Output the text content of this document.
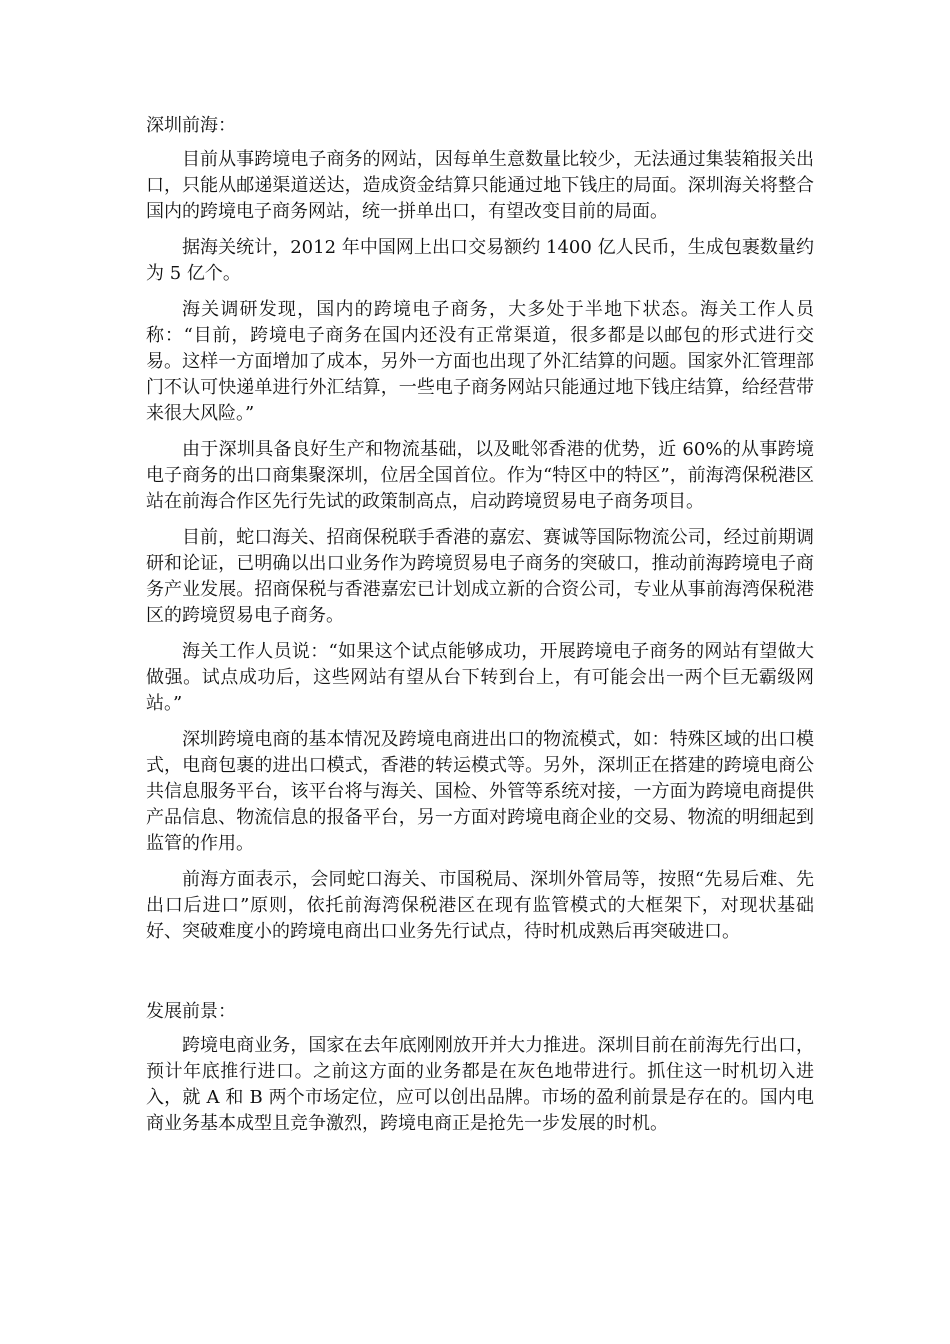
深圳前海：

目前从事跨境电子商务的网站，因每单生意数量比较少，无法通过集装箱报关出口，只能从邮递渠道送达，造成资金结算只能通过地下钱庄的局面。深圳海关将整合国内的跨境电子商务网站，统一拼单出口，有望改变目前的局面。

据海关统计，2012 年中国网上出口交易额约 1400 亿人民币，生成包裹数量约为 5 亿个。

海关调研发现，国内的跨境电子商务，大多处于半地下状态。海关工作人员称：“目前，跨境电子商务在国内还没有正常渠道，很多都是以邮包的形式进行交易。这样一方面增加了成本，另外一方面也出现了外汇结算的问题。国家外汇管理部门不认可快递单进行外汇结算，一些电子商务网站只能通过地下钱庄结算，给经营带来很大风险。”

由于深圳具备良好生产和物流基础，以及毗邻香港的优势，近 60%的从事跨境电子商务的出口商集聚深圳，位居全国首位。作为“特区中的特区”，前海湾保税港区站在前海合作区先行先试的政策制高点，启动跨境贸易电子商务项目。

目前，蛇口海关、招商保税联手香港的嘉宏、赛诚等国际物流公司，经过前期调研和论证，已明确以出口业务作为跨境贸易电子商务的突破口，推动前海跨境电子商务产业发展。招商保税与香港嘉宏已计划成立新的合资公司，专业从事前海湾保税港区的跨境贸易电子商务。

海关工作人员说：“如果这个试点能够成功，开展跨境电子商务的网站有望做大做强。试点成功后，这些网站有望从台下转到台上，有可能会出一两个巨无霸级网站。”

深圳跨境电商的基本情况及跨境电商进出口的物流模式，如：特殊区域的出口模式，电商包裹的进出口模式，香港的转运模式等。另外，深圳正在搭建的跨境电商公共信息服务平台，该平台将与海关、国检、外管等系统对接，一方面为跨境电商提供产品信息、物流信息的报备平台，另一方面对跨境电商企业的交易、物流的明细起到监管的作用。

前海方面表示，会同蛇口海关、市国税局、深圳外管局等，按照“先易后难、先出口后进口”原则，依托前海湾保税港区在现有监管模式的大框架下，对现状基础好、突破难度小的跨境电商出口业务先行试点，待时机成熟后再突破进口。

发展前景：

跨境电商业务，国家在去年底刚刚放开并大力推进。深圳目前在前海先行出口，预计年底推行进口。之前这方面的业务都是在灰色地带进行。抓住这一时机切入进入，就 A 和 B 两个市场定位，应可以创出品牌。市场的盈利前景是存在的。国内电商业务基本成型且竞争激烈，跨境电商正是抢先一步发展的时机。
